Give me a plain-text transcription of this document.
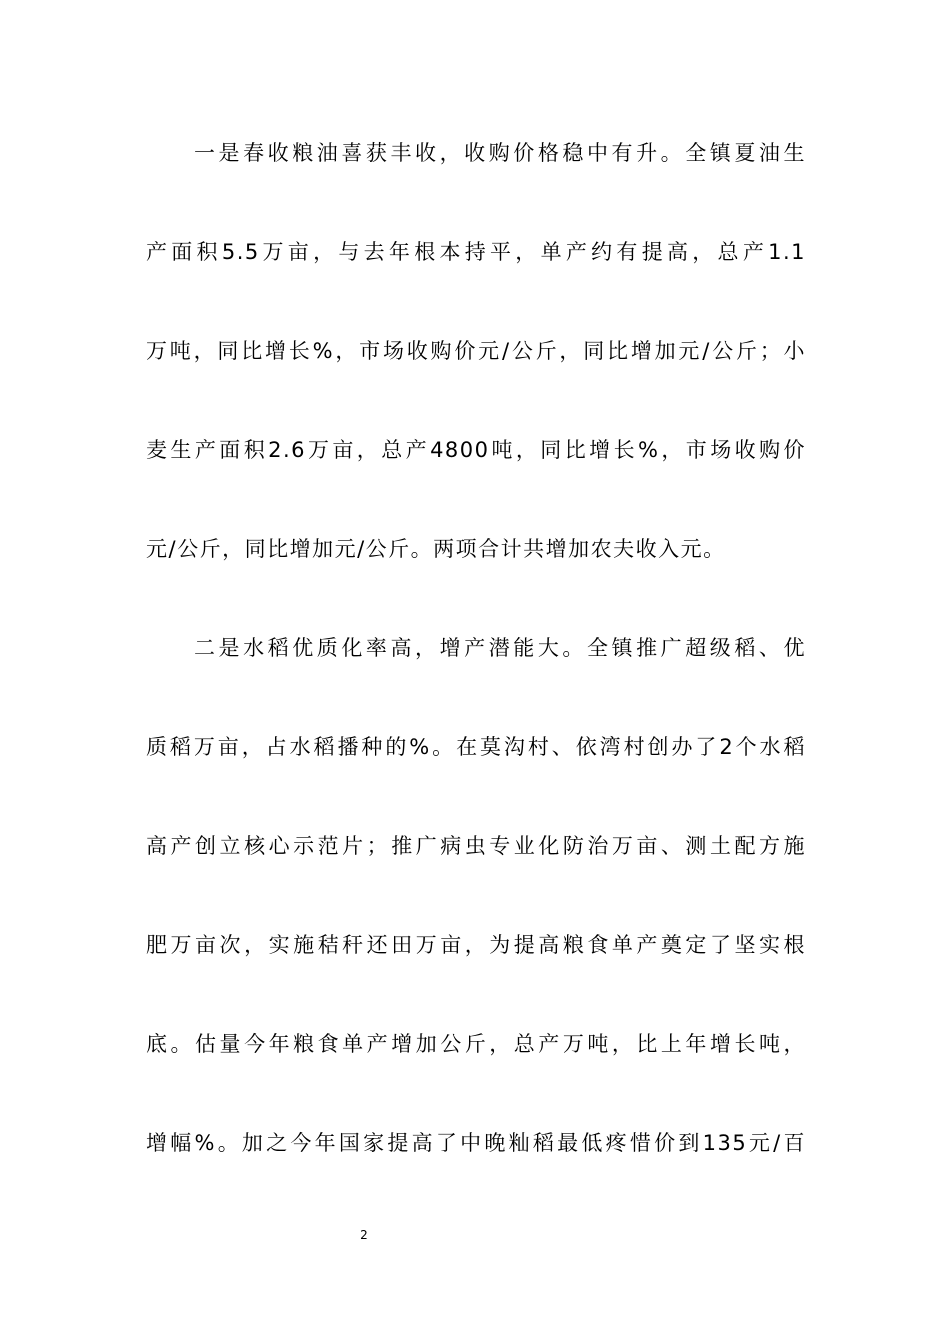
一是春收粮油喜获丰收，收购价格稳中有升。全镇夏油生

产面积5.5万亩，与去年根本持平，单产约有提高，总产1.1

万吨，同比增长%，市场收购价元/公斤，同比增加元/公斤；小

麦生产面积2.6万亩，总产4800吨，同比增长%，市场收购价

元/公斤，同比增加元/公斤。两项合计共增加农夫收入元。

二是水稻优质化率高，增产潜能大。全镇推广超级稻、优

质稻万亩，占水稻播种的%。在莫沟村、依湾村创办了2个水稻

高产创立核心示范片；推广病虫专业化防治万亩、测土配方施

肥万亩次，实施秸秆还田万亩，为提高粮食单产奠定了坚实根

底。估量今年粮食单产增加公斤，总产万吨，比上年增长吨，

增幅%。加之今年国家提高了中晚籼稻最低疼惜价到135元/百

2
